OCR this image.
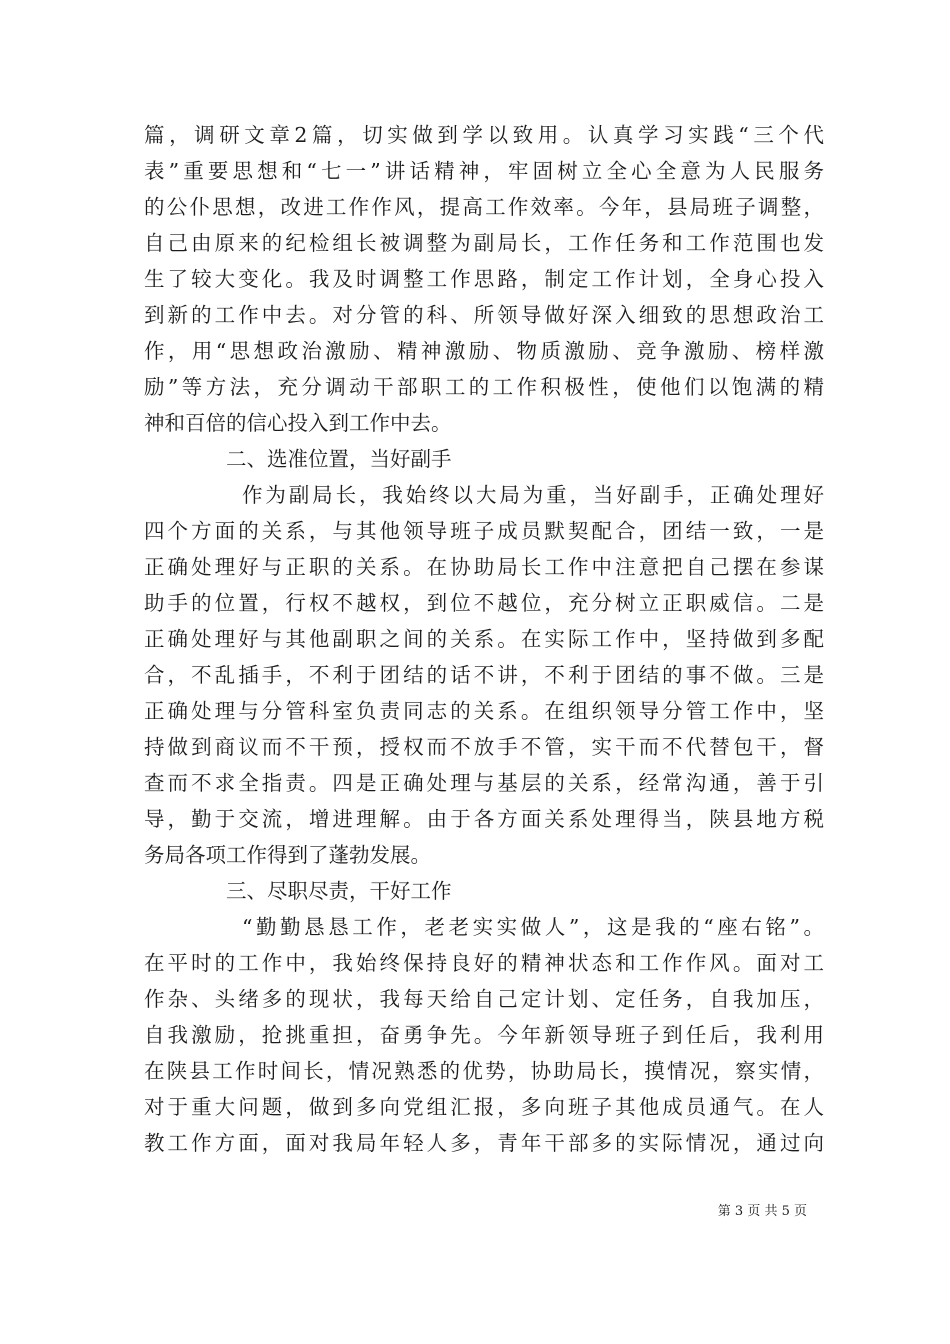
篇，调研文章2篇，切实做到学以致用。认真学习实践“三个代
表”重要思想和“七一”讲话精神，牢固树立全心全意为人民服务
的公仆思想，改进工作作风，提高工作效率。今年，县局班子调整，
自己由原来的纪检组长被调整为副局长，工作任务和工作范围也发
生了较大变化。我及时调整工作思路，制定工作计划，全身心投入
到新的工作中去。对分管的科、所领导做好深入细致的思想政治工
作，用“思想政治激励、精神激励、物质激励、竞争激励、榜样激
励”等方法，充分调动干部职工的工作积极性，使他们以饱满的精
神和百倍的信心投入到工作中去。
二、选准位置，当好副手
作为副局长，我始终以大局为重，当好副手，正确处理好
四个方面的关系，与其他领导班子成员默契配合，团结一致，一是
正确处理好与正职的关系。在协助局长工作中注意把自己摆在参谋
助手的位置，行权不越权，到位不越位，充分树立正职威信。二是
正确处理好与其他副职之间的关系。在实际工作中，坚持做到多配
合，不乱插手，不利于团结的话不讲，不利于团结的事不做。三是
正确处理与分管科室负责同志的关系。在组织领导分管工作中，坚
持做到商议而不干预，授权而不放手不管，实干而不代替包干，督
查而不求全指责。四是正确处理与基层的关系，经常沟通，善于引
导，勤于交流，增进理解。由于各方面关系处理得当，陕县地方税
务局各项工作得到了蓬勃发展。
三、尽职尽责，干好工作
“勤勤恳恳工作，老老实实做人”，这是我的“座右铭”。
在平时的工作中，我始终保持良好的精神状态和工作作风。面对工
作杂、头绪多的现状，我每天给自己定计划、定任务，自我加压，
自我激励，抢挑重担，奋勇争先。今年新领导班子到任后，我利用
在陕县工作时间长，情况熟悉的优势，协助局长，摸情况，察实情，
对于重大问题，做到多向党组汇报，多向班子其他成员通气。在人
教工作方面，面对我局年轻人多，青年干部多的实际情况，通过向
第 3 页 共 5 页
